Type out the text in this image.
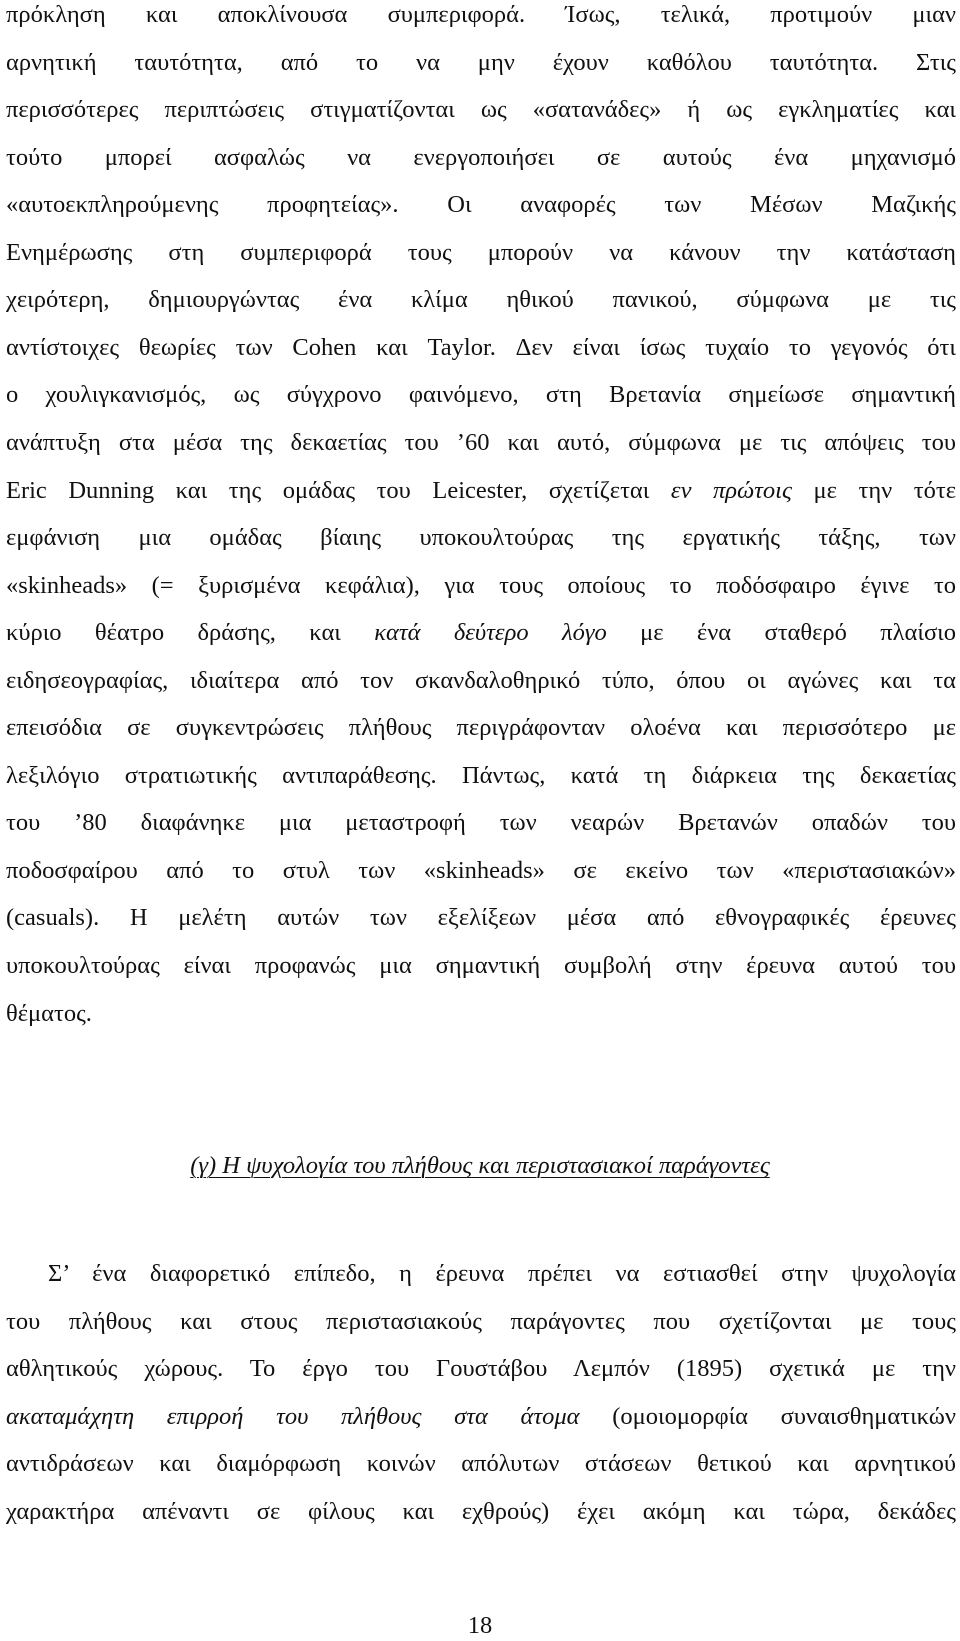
πρόκληση και αποκλίνουσα συμπεριφορά. Ίσως, τελικά, προτιμούν μιαν
αρνητική ταυτότητα, από το να μην έχουν καθόλου ταυτότητα. Στις
περισσότερες περιπτώσεις στιγματίζονται ως «σατανάδες» ή ως εγκληματίες και
τούτο μπορεί ασφαλώς να ενεργοποιήσει σε αυτούς ένα μηχανισμό
«αυτοεκπληρούμενης προφητείας». Οι αναφορές των Μέσων Μαζικής
Ενημέρωσης στη συμπεριφορά τους μπορούν να κάνουν την κατάσταση
χειρότερη, δημιουργώντας ένα κλίμα ηθικού πανικού, σύμφωνα με τις
αντίστοιχες θεωρίες των Cohen και Taylor. Δεν είναι ίσως τυχαίο το γεγονός ότι
ο χουλιγκανισμός, ως σύγχρονο φαινόμενο, στη Βρετανία σημείωσε σημαντική
ανάπτυξη στα μέσα της δεκαετίας του ’60 και αυτό, σύμφωνα με τις απόψεις του
Eric Dunning και της ομάδας του Leicester, σχετίζεται εν πρώτοις με την τότε
εμφάνιση μια ομάδας βίαιης υποκουλτούρας της εργατικής τάξης, των
«skinheads» (= ξυρισμένα κεφάλια), για τους οποίους το ποδόσφαιρο έγινε το
κύριο θέατρο δράσης, και κατά δεύτερο λόγο με ένα σταθερό πλαίσιο
ειδησεογραφίας, ιδιαίτερα από τον σκανδαλοθηρικό τύπο, όπου οι αγώνες και τα
επεισόδια σε συγκεντρώσεις πλήθους περιγράφονταν ολοένα και περισσότερο με
λεξιλόγιο στρατιωτικής αντιπαράθεσης. Πάντως, κατά τη διάρκεια της δεκαετίας
του ’80 διαφάνηκε μια μεταστροφή των νεαρών Βρετανών οπαδών του
ποδοσφαίρου από το στυλ των «skinheads» σε εκείνο των «περιστασιακών»
(casuals). Η μελέτη αυτών των εξελίξεων μέσα από εθνογραφικές έρευνες
υποκουλτούρας είναι προφανώς μια σημαντική συμβολή στην έρευνα αυτού του
θέματος.
(γ) Η ψυχολογία του πλήθους και περιστασιακοί παράγοντες
Σ’ ένα διαφορετικό επίπεδο, η έρευνα πρέπει να εστιασθεί στην ψυχολογία
του πλήθους και στους περιστασιακούς παράγοντες που σχετίζονται με τους
αθλητικούς χώρους. Το έργο του Γουστάβου Λεμπόν (1895) σχετικά με την
ακαταμάχητη επιρροή του πλήθους στα άτομα (ομοιομορφία συναισθηματικών
αντιδράσεων και διαμόρφωση κοινών απόλυτων στάσεων θετικού και αρνητικού
χαρακτήρα απέναντι σε φίλους και εχθρούς) έχει ακόμη και τώρα, δεκάδες
18
